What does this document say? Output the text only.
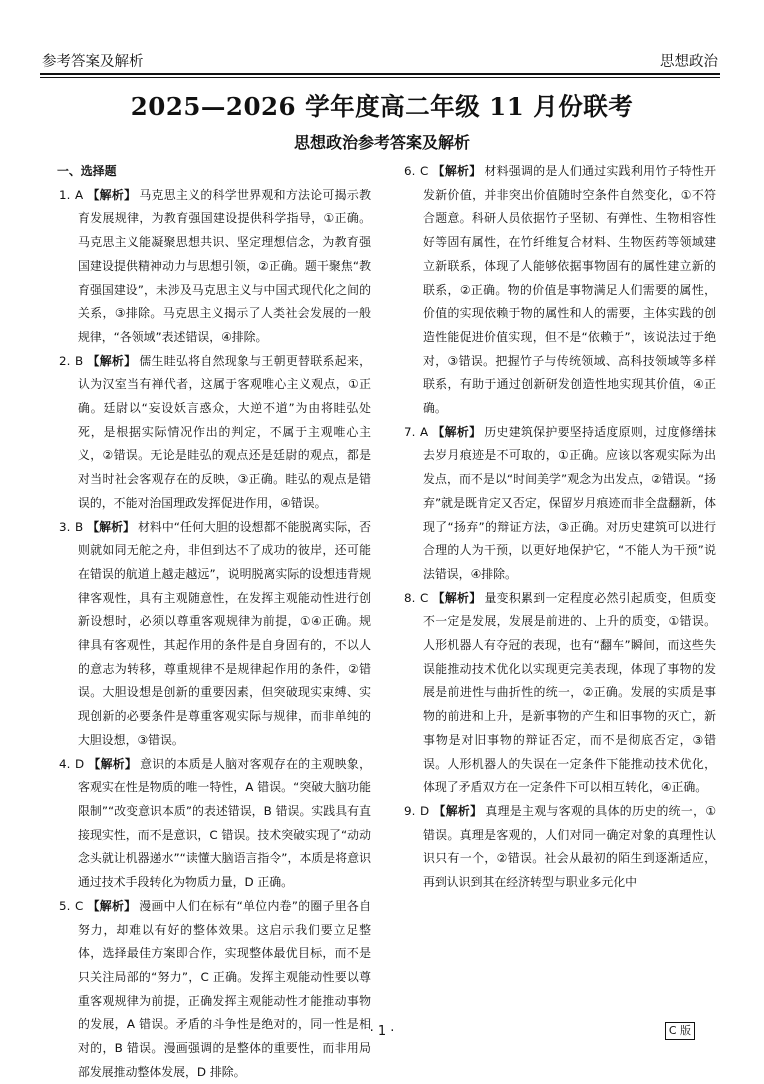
参考答案及解析	思想政治
2025—2026 学年度高二年级 11 月份联考
思想政治参考答案及解析
一、选择题

1. A 【解析】 马克思主义的科学世界观和方法论可揭示教育发展规律，为教育强国建设提供科学指导，①正确。马克思主义能凝聚思想共识、坚定理想信念，为教育强国建设提供精神动力与思想引领，②正确。题干聚焦“教育强国建设”，未涉及马克思主义与中国式现代化之间的关系，③排除。马克思主义揭示了人类社会发展的一般规律，“各领域”表述错误，④排除。

2. B 【解析】 儒生眭弘将自然现象与王朝更替联系起来，认为汉室当有禅代者，这属于客观唯心主义观点，①正确。廷尉以“妄设妖言惑众，大逆不道”为由将眭弘处死，是根据实际情况作出的判定，不属于主观唯心主义，②错误。无论是眭弘的观点还是廷尉的观点，都是对当时社会客观存在的反映，③正确。眭弘的观点是错误的，不能对治国理政发挥促进作用，④错误。

3. B 【解析】 材料中“任何大胆的设想都不能脱离实际，否则就如同无舵之舟，非但到达不了成功的彼岸，还可能在错误的航道上越走越远”，说明脱离实际的设想违背规律客观性，具有主观随意性，在发挥主观能动性进行创新设想时，必须以尊重客观规律为前提，①④正确。规律具有客观性，其起作用的条件是自身固有的，不以人的意志为转移，尊重规律不是规律起作用的条件，②错误。大胆设想是创新的重要因素，但突破现实束缚、实现创新的必要条件是尊重客观实际与规律，而非单纯的大胆设想，③错误。

4. D 【解析】 意识的本质是人脑对客观存在的主观映象，客观实在性是物质的唯一特性，A 错误。“突破大脑功能限制”“改变意识本质”的表述错误，B 错误。实践具有直接现实性，而不是意识，C 错误。技术突破实现了“动动念头就让机器递水”“读懂大脑语言指令”，本质是将意识通过技术手段转化为物质力量，D 正确。

5. C 【解析】 漫画中人们在标有“单位内卷”的圈子里各自努力，却难以有好的整体效果。这启示我们要立足整体，选择最佳方案即合作，实现整体最优目标，而不是只关注局部的“努力”，C 正确。发挥主观能动性要以尊重客观规律为前提，正确发挥主观能动性才能推动事物的发展，A 错误。矛盾的斗争性是绝对的，同一性是相对的，B 错误。漫画强调的是整体的重要性，而非用局部发展推动整体发展，D 排除。

6. C 【解析】 材料强调的是人们通过实践利用竹子特性开发新价值，并非突出价值随时空条件自然变化，①不符合题意。科研人员依据竹子坚韧、有弹性、生物相容性好等固有属性，在竹纤维复合材料、生物医药等领域建立新联系，体现了人能够依据事物固有的属性建立新的联系，②正确。物的价值是事物满足人们需要的属性，价值的实现依赖于物的属性和人的需要，主体实践的创造性能促进价值实现，但不是“依赖于”，该说法过于绝对，③错误。把握竹子与传统领域、高科技领域等多样联系，有助于通过创新研发创造性地实现其价值，④正确。

7. A 【解析】 历史建筑保护要坚持适度原则，过度修缮抹去岁月痕迹是不可取的，①正确。应该以客观实际为出发点，而不是以“时间美学”观念为出发点，②错误。“扬弃”就是既肯定又否定，保留岁月痕迹而非全盘翻新，体现了“扬弃”的辩证方法，③正确。对历史建筑可以进行合理的人为干预，以更好地保护它，“不能人为干预”说法错误，④排除。

8. C 【解析】 量变积累到一定程度必然引起质变，但质变不一定是发展，发展是前进的、上升的质变，①错误。人形机器人有夺冠的表现，也有“翻车”瞬间，而这些失误能推动技术优化以实现更完美表现，体现了事物的发展是前进性与曲折性的统一，②正确。发展的实质是事物的前进和上升，是新事物的产生和旧事物的灭亡，新事物是对旧事物的辩证否定，而不是彻底否定，③错误。人形机器人的失误在一定条件下能推动技术优化，体现了矛盾双方在一定条件下可以相互转化，④正确。

9. D 【解析】 真理是主观与客观的具体的历史的统一，①错误。真理是客观的，人们对同一确定对象的真理性认识只有一个，②错误。社会从最初的陌生到逐渐适应，再到认识到其在经济转型与职业多元化中

· 1 ·	C 版
